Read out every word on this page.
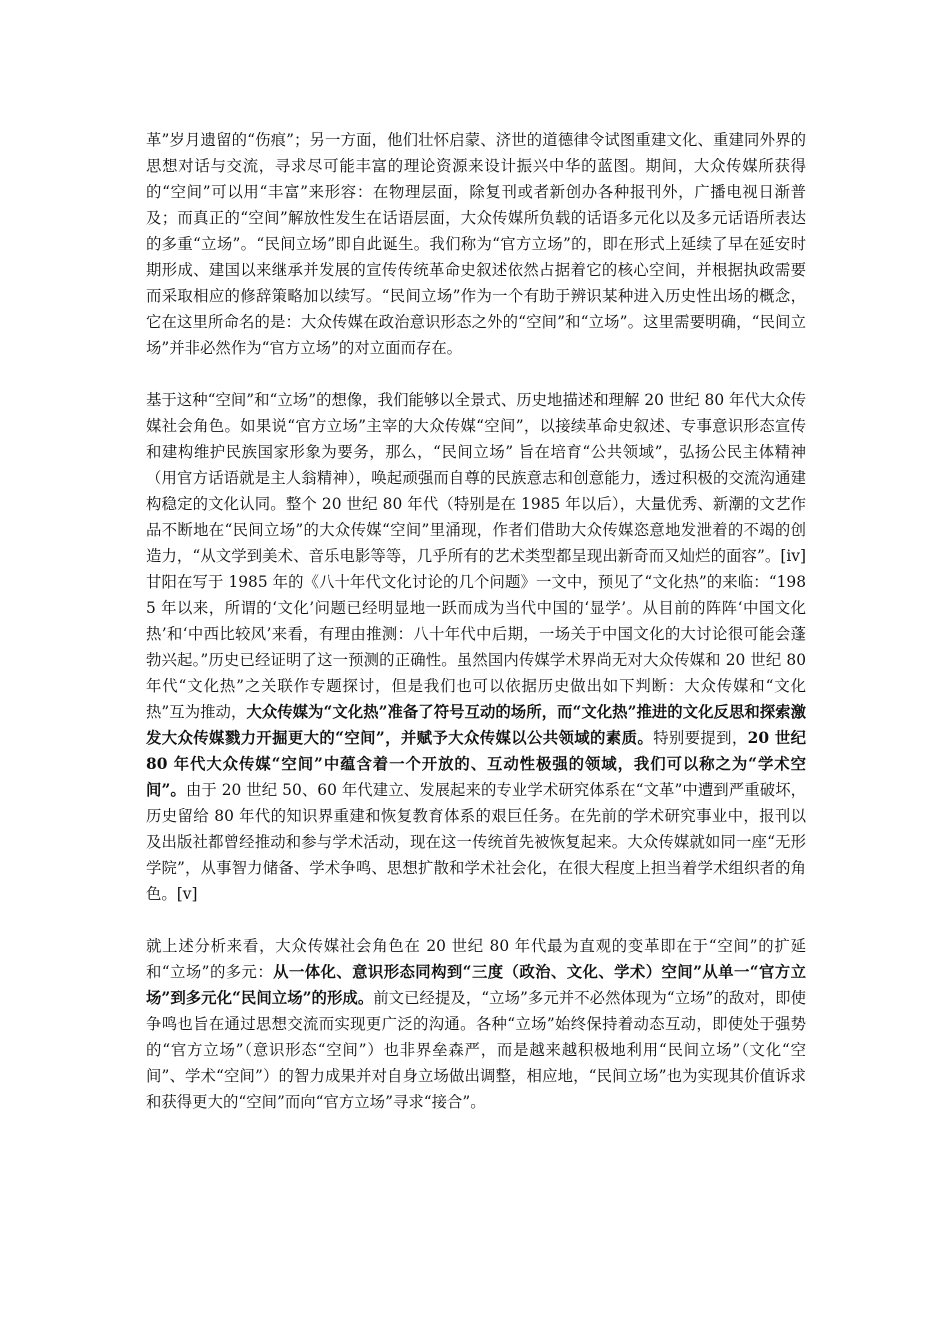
革”岁月遗留的“伤痕”；另一方面，他们壮怀启蒙、济世的道德律令试图重建文化、重建同外界的思想对话与交流，寻求尽可能丰富的理论资源来设计振兴中华的蓝图。期间，大众传媒所获得的“空间”可以用“丰富”来形容：在物理层面，除复刊或者新创办各种报刊外，广播电视日渐普及；而真正的“空间”解放性发生在话语层面，大众传媒所负载的话语多元化以及多元话语所表达的多重“立场”。“民间立场”即自此诞生。我们称为“官方立场”的，即在形式上延续了早在延安时期形成、建国以来继承并发展的宣传传统革命史叙述依然占据着它的核心空间，并根据执政需要而采取相应的修辞策略加以续写。“民间立场”作为一个有助于辨识某种进入历史性出场的概念，它在这里所命名的是：大众传媒在政治意识形态之外的“空间”和“立场”。这里需要明确，“民间立场”并非必然作为“官方立场”的对立面而存在。

基于这种“空间”和“立场”的想像，我们能够以全景式、历史地描述和理解 20 世纪 80 年代大众传媒社会角色。如果说“官方立场”主宰的大众传媒“空间”，以接续革命史叙述、专事意识形态宣传和建构维护民族国家形象为要务，那么，“民间立场” 旨在培育“公共领域”，弘扬公民主体精神（用官方话语就是主人翁精神），唤起顽强而自尊的民族意志和创意能力，透过积极的交流沟通建构稳定的文化认同。整个 20 世纪 80 年代（特别是在 1985 年以后），大量优秀、新潮的文艺作品不断地在“民间立场”的大众传媒“空间”里涌现，作者们借助大众传媒恣意地发泄着的不竭的创造力，“从文学到美术、音乐电影等等，几乎所有的艺术类型都呈现出新奇而又灿烂的面容”。[iv]甘阳在写于 1985 年的《八十年代文化讨论的几个问题》一文中，预见了“文化热”的来临：“1985 年以来，所谓的‘文化’问题已经明显地一跃而成为当代中国的‘显学’。从目前的阵阵‘中国文化热’和‘中西比较风’来看，有理由推测：八十年代中后期，一场关于中国文化的大讨论很可能会蓬勃兴起。”历史已经证明了这一预测的正确性。虽然国内传媒学术界尚无对大众传媒和 20 世纪 80 年代“文化热”之关联作专题探讨，但是我们也可以依据历史做出如下判断：大众传媒和“文化热”互为推动，大众传媒为“文化热”准备了符号互动的场所，而“文化热”推进的文化反思和探索激发大众传媒戮力开掘更大的“空间”，并赋予大众传媒以公共领域的素质。特别要提到，20 世纪 80 年代大众传媒“空间”中蕴含着一个开放的、互动性极强的领域，我们可以称之为“学术空间”。由于 20 世纪 50、60 年代建立、发展起来的专业学术研究体系在“文革”中遭到严重破坏，历史留给 80 年代的知识界重建和恢复教育体系的艰巨任务。在先前的学术研究事业中，报刊以及出版社都曾经推动和参与学术活动，现在这一传统首先被恢复起来。大众传媒就如同一座“无形学院”，从事智力储备、学术争鸣、思想扩散和学术社会化，在很大程度上担当着学术组织者的角色。[v]

就上述分析来看，大众传媒社会角色在 20 世纪 80 年代最为直观的变革即在于“空间”的扩延和“立场”的多元：从一体化、意识形态同构到“三度（政治、文化、学术）空间”从单一“官方立场”到多元化“民间立场”的形成。前文已经提及，“立场”多元并不必然体现为“立场”的敌对，即使争鸣也旨在通过思想交流而实现更广泛的沟通。各种“立场”始终保持着动态互动，即使处于强势的“官方立场”（意识形态“空间”）也非界垒森严，而是越来越积极地利用“民间立场”（文化“空间”、学术“空间”）的智力成果并对自身立场做出调整，相应地，“民间立场”也为实现其价值诉求和获得更大的“空间”而向“官方立场”寻求“接合”。
